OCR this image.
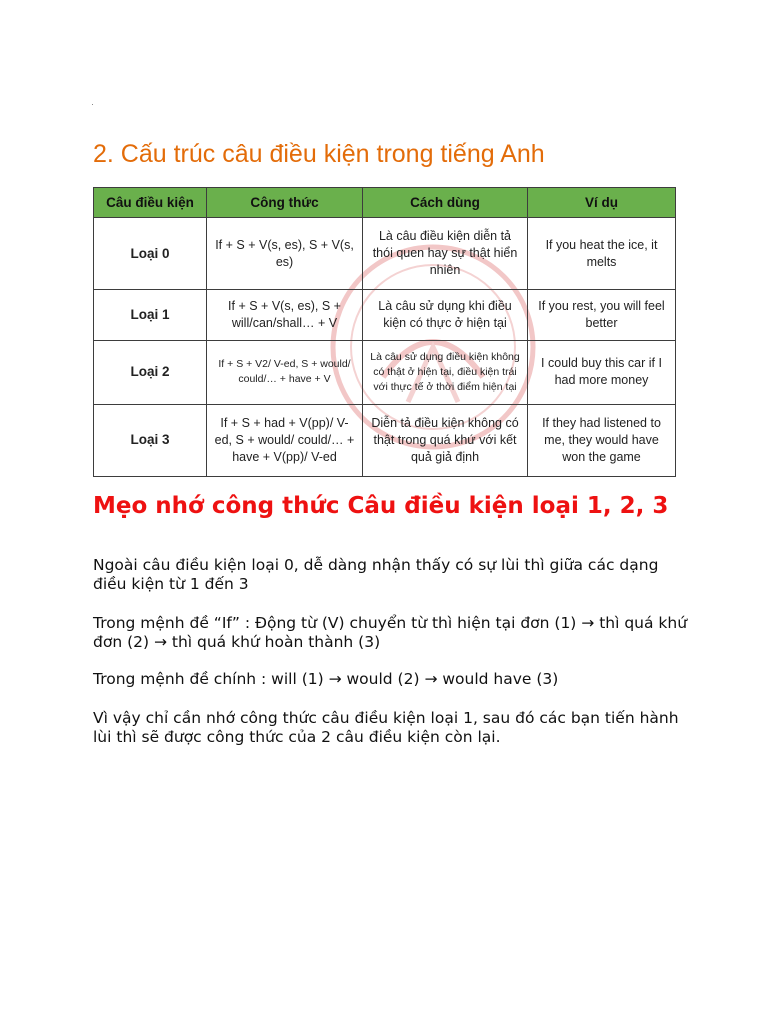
2. Cấu trúc câu điều kiện trong tiếng Anh
Câu điều kiện	Công thức	Cách dùng	Ví dụ
Loại 0	If + S + V(s, es), S + V(s, es)	Là câu điều kiện diễn tả thói quen hay sự thật hiển nhiên	If you heat the ice, it melts
Loại 1	If + S + V(s, es), S + will/can/shall… + V	Là câu sử dụng khi điều kiện có thực ở hiện tại	If you rest, you will feel better
Loại 2	If + S + V2/ V-ed, S + would/ could/… + have + V	Là câu sử dụng điều kiện không có thật ở hiện tại, điều kiện trái với thực tế ở thời điểm hiện tại	I could buy this car if I had more money
Loại 3	If + S + had + V(pp)/ V-ed, S + would/ could/… + have + V(pp)/ V-ed	Diễn tả điều kiện không có thật trong quá khứ với kết quả giả định	If they had listened to me, they would have won the game
Mẹo nhớ công thức Câu điều kiện loại 1, 2, 3

Ngoài câu điều kiện loại 0, dễ dàng nhận thấy có sự lùi thì giữa các dạng điều kiện từ 1 đến 3

Trong mệnh đề “If” : Động từ (V) chuyển từ thì hiện tại đơn (1) → thì quá khứ đơn (2) → thì quá khứ hoàn thành (3)

Trong mệnh đề chính : will (1) → would (2) → would have (3)

Vì vậy chỉ cần nhớ công thức câu điều kiện loại 1, sau đó các bạn tiến hành lùi thì sẽ được công thức của 2 câu điều kiện còn lại.
